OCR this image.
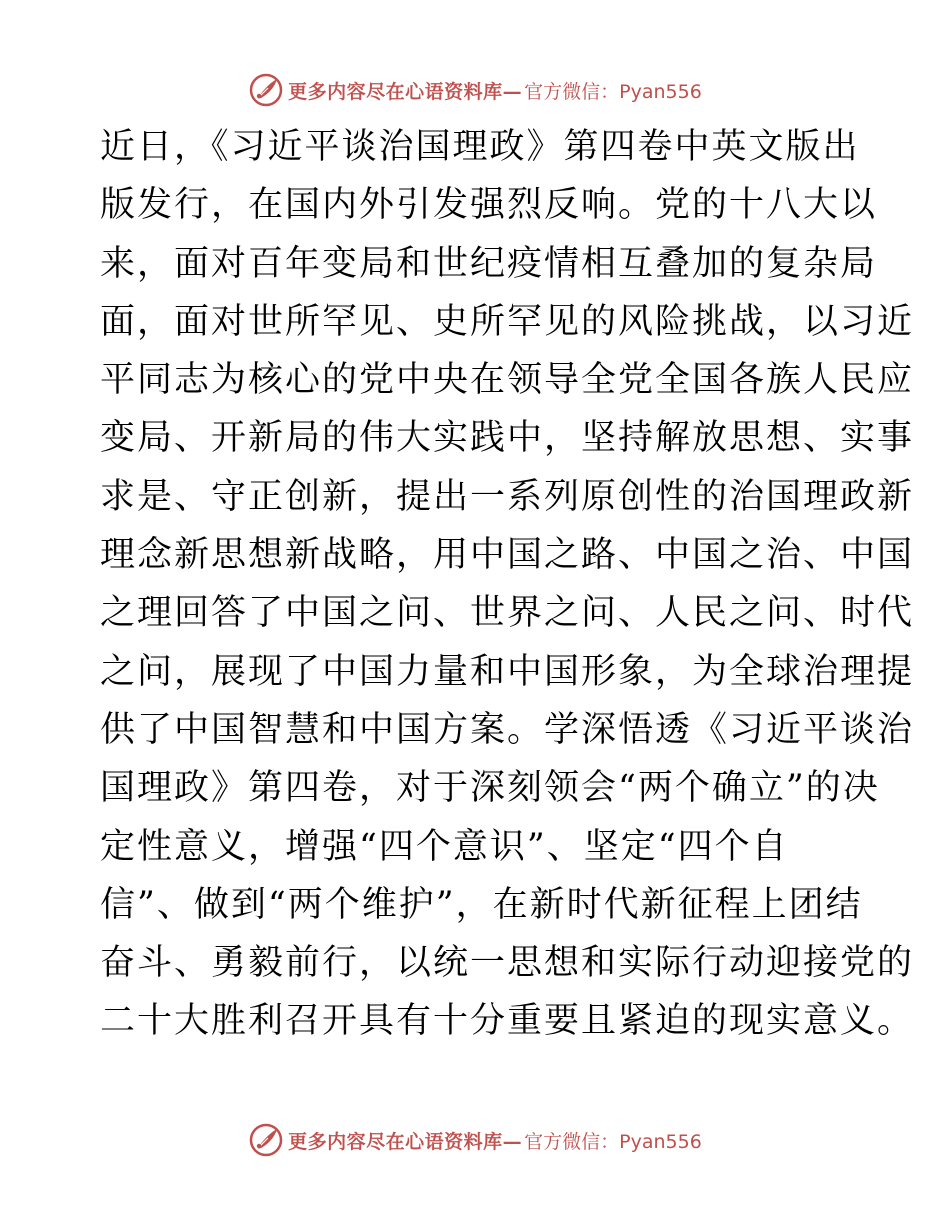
更多内容尽在心语资料库— 官方微信：Pyan556
近日，《习近平谈治国理政》第四卷中英文版出
版发行，在国内外引发强烈反响。党的十八大以
来，面对百年变局和世纪疫情相互叠加的复杂局
面，面对世所罕见、史所罕见的风险挑战，以习近
平同志为核心的党中央在领导全党全国各族人民应
变局、开新局的伟大实践中，坚持解放思想、实事
求是、守正创新，提出一系列原创性的治国理政新
理念新思想新战略，用中国之路、中国之治、中国
之理回答了中国之问、世界之问、人民之问、时代
之问，展现了中国力量和中国形象，为全球治理提
供了中国智慧和中国方案。学深悟透《习近平谈治
国理政》第四卷，对于深刻领会“两个确立”的决
定性意义，增强“四个意识”、坚定“四个自
信”、做到“两个维护”，在新时代新征程上团结
奋斗、勇毅前行，以统一思想和实际行动迎接党的
二十大胜利召开具有十分重要且紧迫的现实意义。
更多内容尽在心语资料库— 官方微信：Pyan556
